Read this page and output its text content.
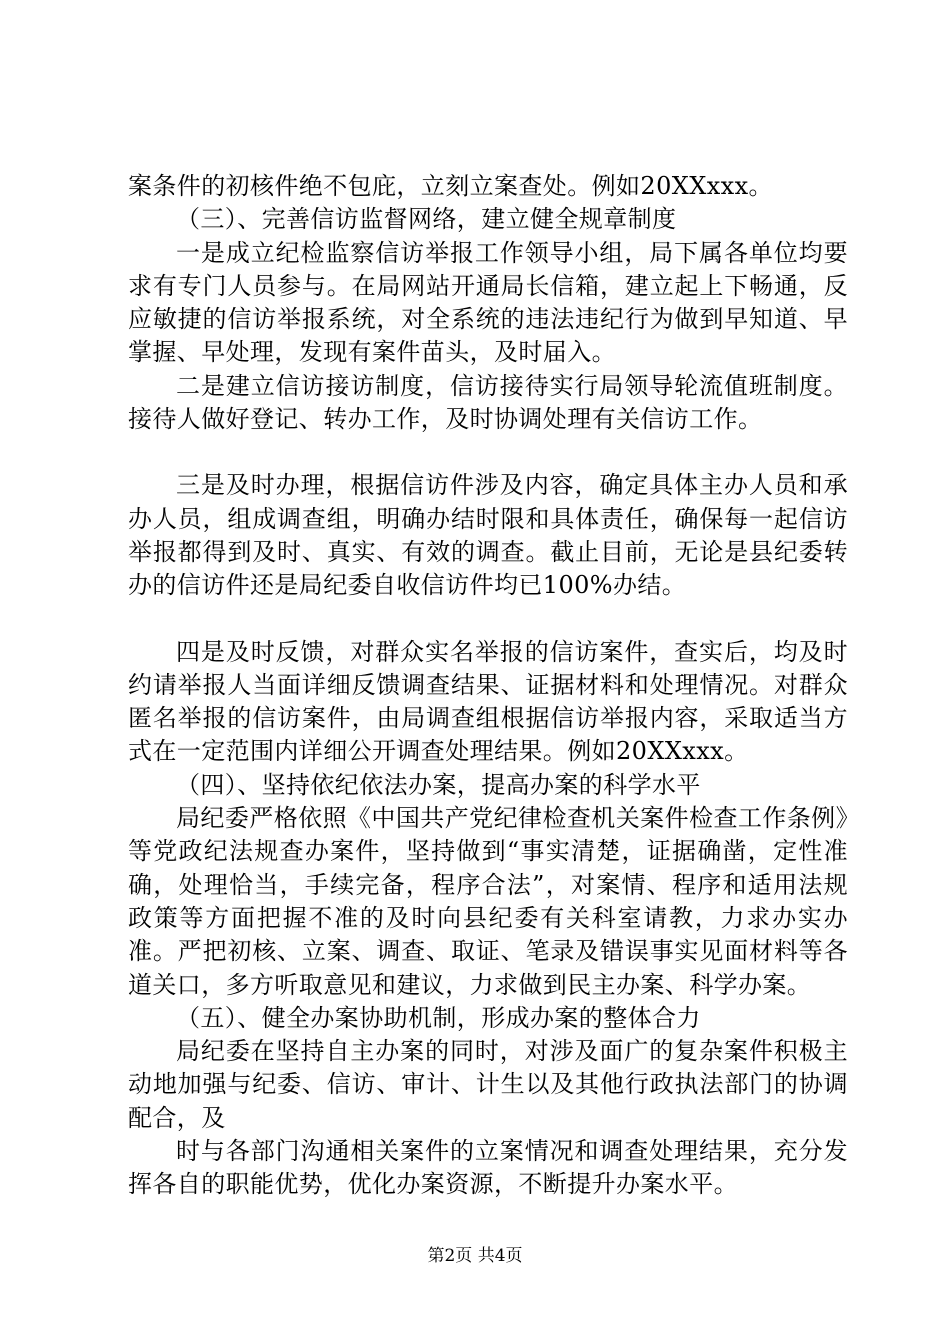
案条件的初核件绝不包庇，立刻立案查处。例如20XXxxx。

（三）、完善信访监督网络，建立健全规章制度

一是成立纪检监察信访举报工作领导小组，局下属各单位均要求有专门人员参与。在局网站开通局长信箱，建立起上下畅通，反应敏捷的信访举报系统，对全系统的违法违纪行为做到早知道、早掌握、早处理，发现有案件苗头，及时届入。

二是建立信访接访制度，信访接待实行局领导轮流值班制度。接待人做好登记、转办工作，及时协调处理有关信访工作。

三是及时办理，根据信访件涉及内容，确定具体主办人员和承办人员，组成调查组，明确办结时限和具体责任，确保每一起信访举报都得到及时、真实、有效的调查。截止目前，无论是县纪委转办的信访件还是局纪委自收信访件均已100%办结。

四是及时反馈，对群众实名举报的信访案件，查实后，均及时约请举报人当面详细反馈调查结果、证据材料和处理情况。对群众匿名举报的信访案件，由局调查组根据信访举报内容，采取适当方式在一定范围内详细公开调查处理结果。例如20XXxxx。

（四）、坚持依纪依法办案，提高办案的科学水平

局纪委严格依照《中国共产党纪律检查机关案件检查工作条例》等党政纪法规查办案件，坚持做到“事实清楚，证据确凿，定性准确，处理恰当，手续完备，程序合法”，对案情、程序和适用法规政策等方面把握不准的及时向县纪委有关科室请教，力求办实办准。严把初核、立案、调查、取证、笔录及错误事实见面材料等各道关口，多方听取意见和建议，力求做到民主办案、科学办案。

（五）、健全办案协助机制，形成办案的整体合力

局纪委在坚持自主办案的同时，对涉及面广的复杂案件积极主动地加强与纪委、信访、审计、计生以及其他行政执法部门的协调配合，及

时与各部门沟通相关案件的立案情况和调查处理结果，充分发挥各自的职能优势，优化办案资源，不断提升办案水平。

第2页 共4页
